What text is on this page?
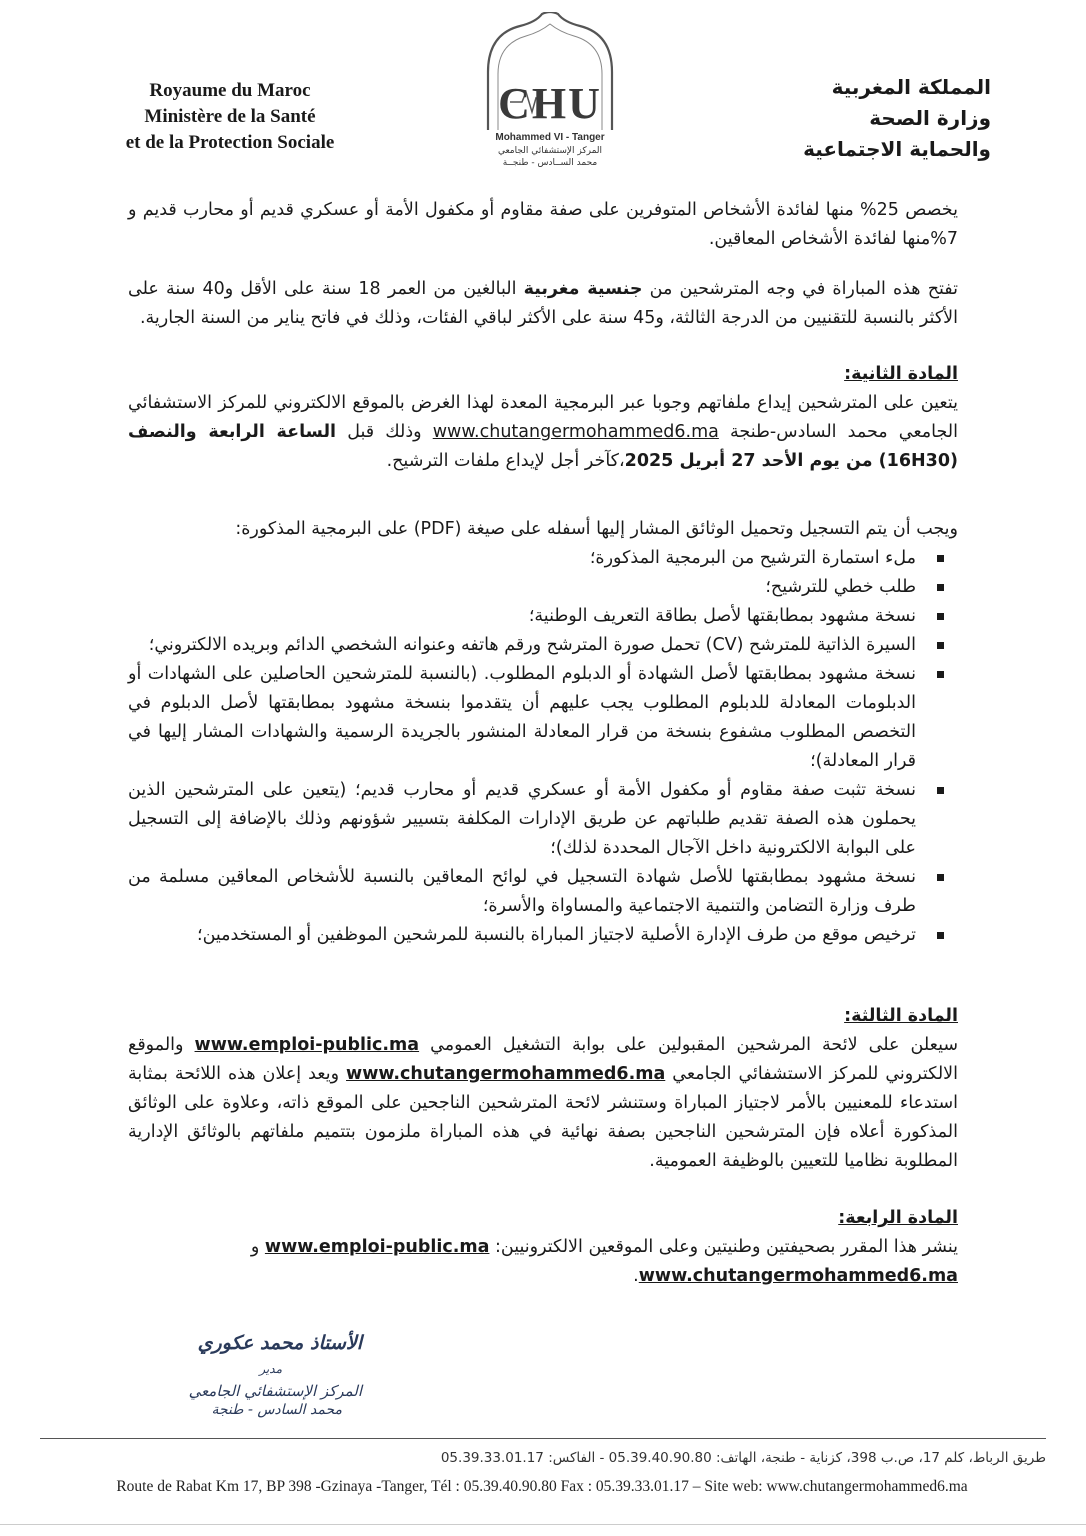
Royaume du Maroc
Ministère de la Santé
et de la Protection Sociale
CHU
Mohammed VI - Tanger
المركز الإستشفائي الجامعي
محمد الســادس - طنجــة
المملكة المغربية
وزارة الصحة
والحماية الاجتماعية
يخصص 25% منها لفائدة الأشخاص المتوفرين على صفة مقاوم أو مكفول الأمة أو عسكري قديم أو محارب قديم و 7%منها لفائدة الأشخاص المعاقين.
تفتح هذه المباراة في وجه المترشحين من جنسية مغربية البالغين من العمر 18 سنة على الأقل و40 سنة على الأكثر بالنسبة للتقنيين من الدرجة الثالثة، و45 سنة على الأكثر لباقي الفئات، وذلك في فاتح يناير من السنة الجارية.
المادة الثانية:
يتعين على المترشحين إيداع ملفاتهم وجوبا عبر البرمجية المعدة لهذا الغرض بالموقع الالكتروني للمركز الاستشفائي الجامعي محمد السادس-طنجة www.chutangermohammed6.ma وذلك قبل الساعة الرابعة والنصف (16H30) من يوم الأحد 27 أبريل 2025،كآخر أجل لإيداع ملفات الترشيح.
ويجب أن يتم التسجيل وتحميل الوثائق المشار إليها أسفله على صيغة (PDF) على البرمجية المذكورة:
ملء استمارة الترشيح من البرمجية المذكورة؛
طلب خطي للترشيح؛
نسخة مشهود بمطابقتها لأصل بطاقة التعريف الوطنية؛
السيرة الذاتية للمترشح (CV) تحمل صورة المترشح ورقم هاتفه وعنوانه الشخصي الدائم وبريده الالكتروني؛
نسخة مشهود بمطابقتها لأصل الشهادة أو الدبلوم المطلوب. (بالنسبة للمترشحين الحاصلين على الشهادات أو الدبلومات المعادلة للدبلوم المطلوب يجب عليهم أن يتقدموا بنسخة مشهود بمطابقتها لأصل الدبلوم في التخصص المطلوب مشفوع بنسخة من قرار المعادلة المنشور بالجريدة الرسمية والشهادات المشار إليها في قرار المعادلة)؛
نسخة تثبت صفة مقاوم أو مكفول الأمة أو عسكري قديم أو محارب قديم؛ (يتعين على المترشحين الذين يحملون هذه الصفة تقديم طلباتهم عن طريق الإدارات المكلفة بتسيير شؤونهم وذلك بالإضافة إلى التسجيل على البوابة الالكترونية داخل الآجال المحددة لذلك)؛
نسخة مشهود بمطابقتها للأصل شهادة التسجيل في لوائح المعاقين بالنسبة للأشخاص المعاقين مسلمة من طرف وزارة التضامن والتنمية الاجتماعية والمساواة والأسرة؛
ترخيص موقع من طرف الإدارة الأصلية لاجتياز المباراة بالنسبة للمرشحين الموظفين أو المستخدمين؛
المادة الثالثة:
سيعلن على لائحة المرشحين المقبولين على بوابة التشغيل العمومي www.emploi-public.ma والموقع الالكتروني للمركز الاستشفائي الجامعي www.chutangermohammed6.ma ويعد إعلان هذه اللائحة بمثابة استدعاء للمعنيين بالأمر لاجتياز المباراة وستنشر لائحة المترشحين الناجحين على الموقع ذاته، وعلاوة على الوثائق المذكورة أعلاه فإن المترشحين الناجحين بصفة نهائية في هذه المباراة ملزمون بتتميم ملفاتهم بالوثائق الإدارية المطلوبة نظاميا للتعيين بالوظيفة العمومية.
المادة الرابعة:
ينشر هذا المقرر بصحيفتين وطنيتين وعلى الموقعين الالكترونيين: www.emploi-public.ma و
www.chutangermohammed6.ma.
الأستاذ محمد عكوري
مدير
المركز الإستشفائي الجامعي
محمد السادس - طنجة
طريق الرباط، كلم 17، ص.ب 398، كزناية - طنجة، الهاتف: 05.39.40.90.80 - الفاكس: 05.39.33.01.17
Route de Rabat Km 17, BP 398 -Gzinaya -Tanger, Tél : 05.39.40.90.80 Fax : 05.39.33.01.17 – Site web: www.chutangermohammed6.ma
